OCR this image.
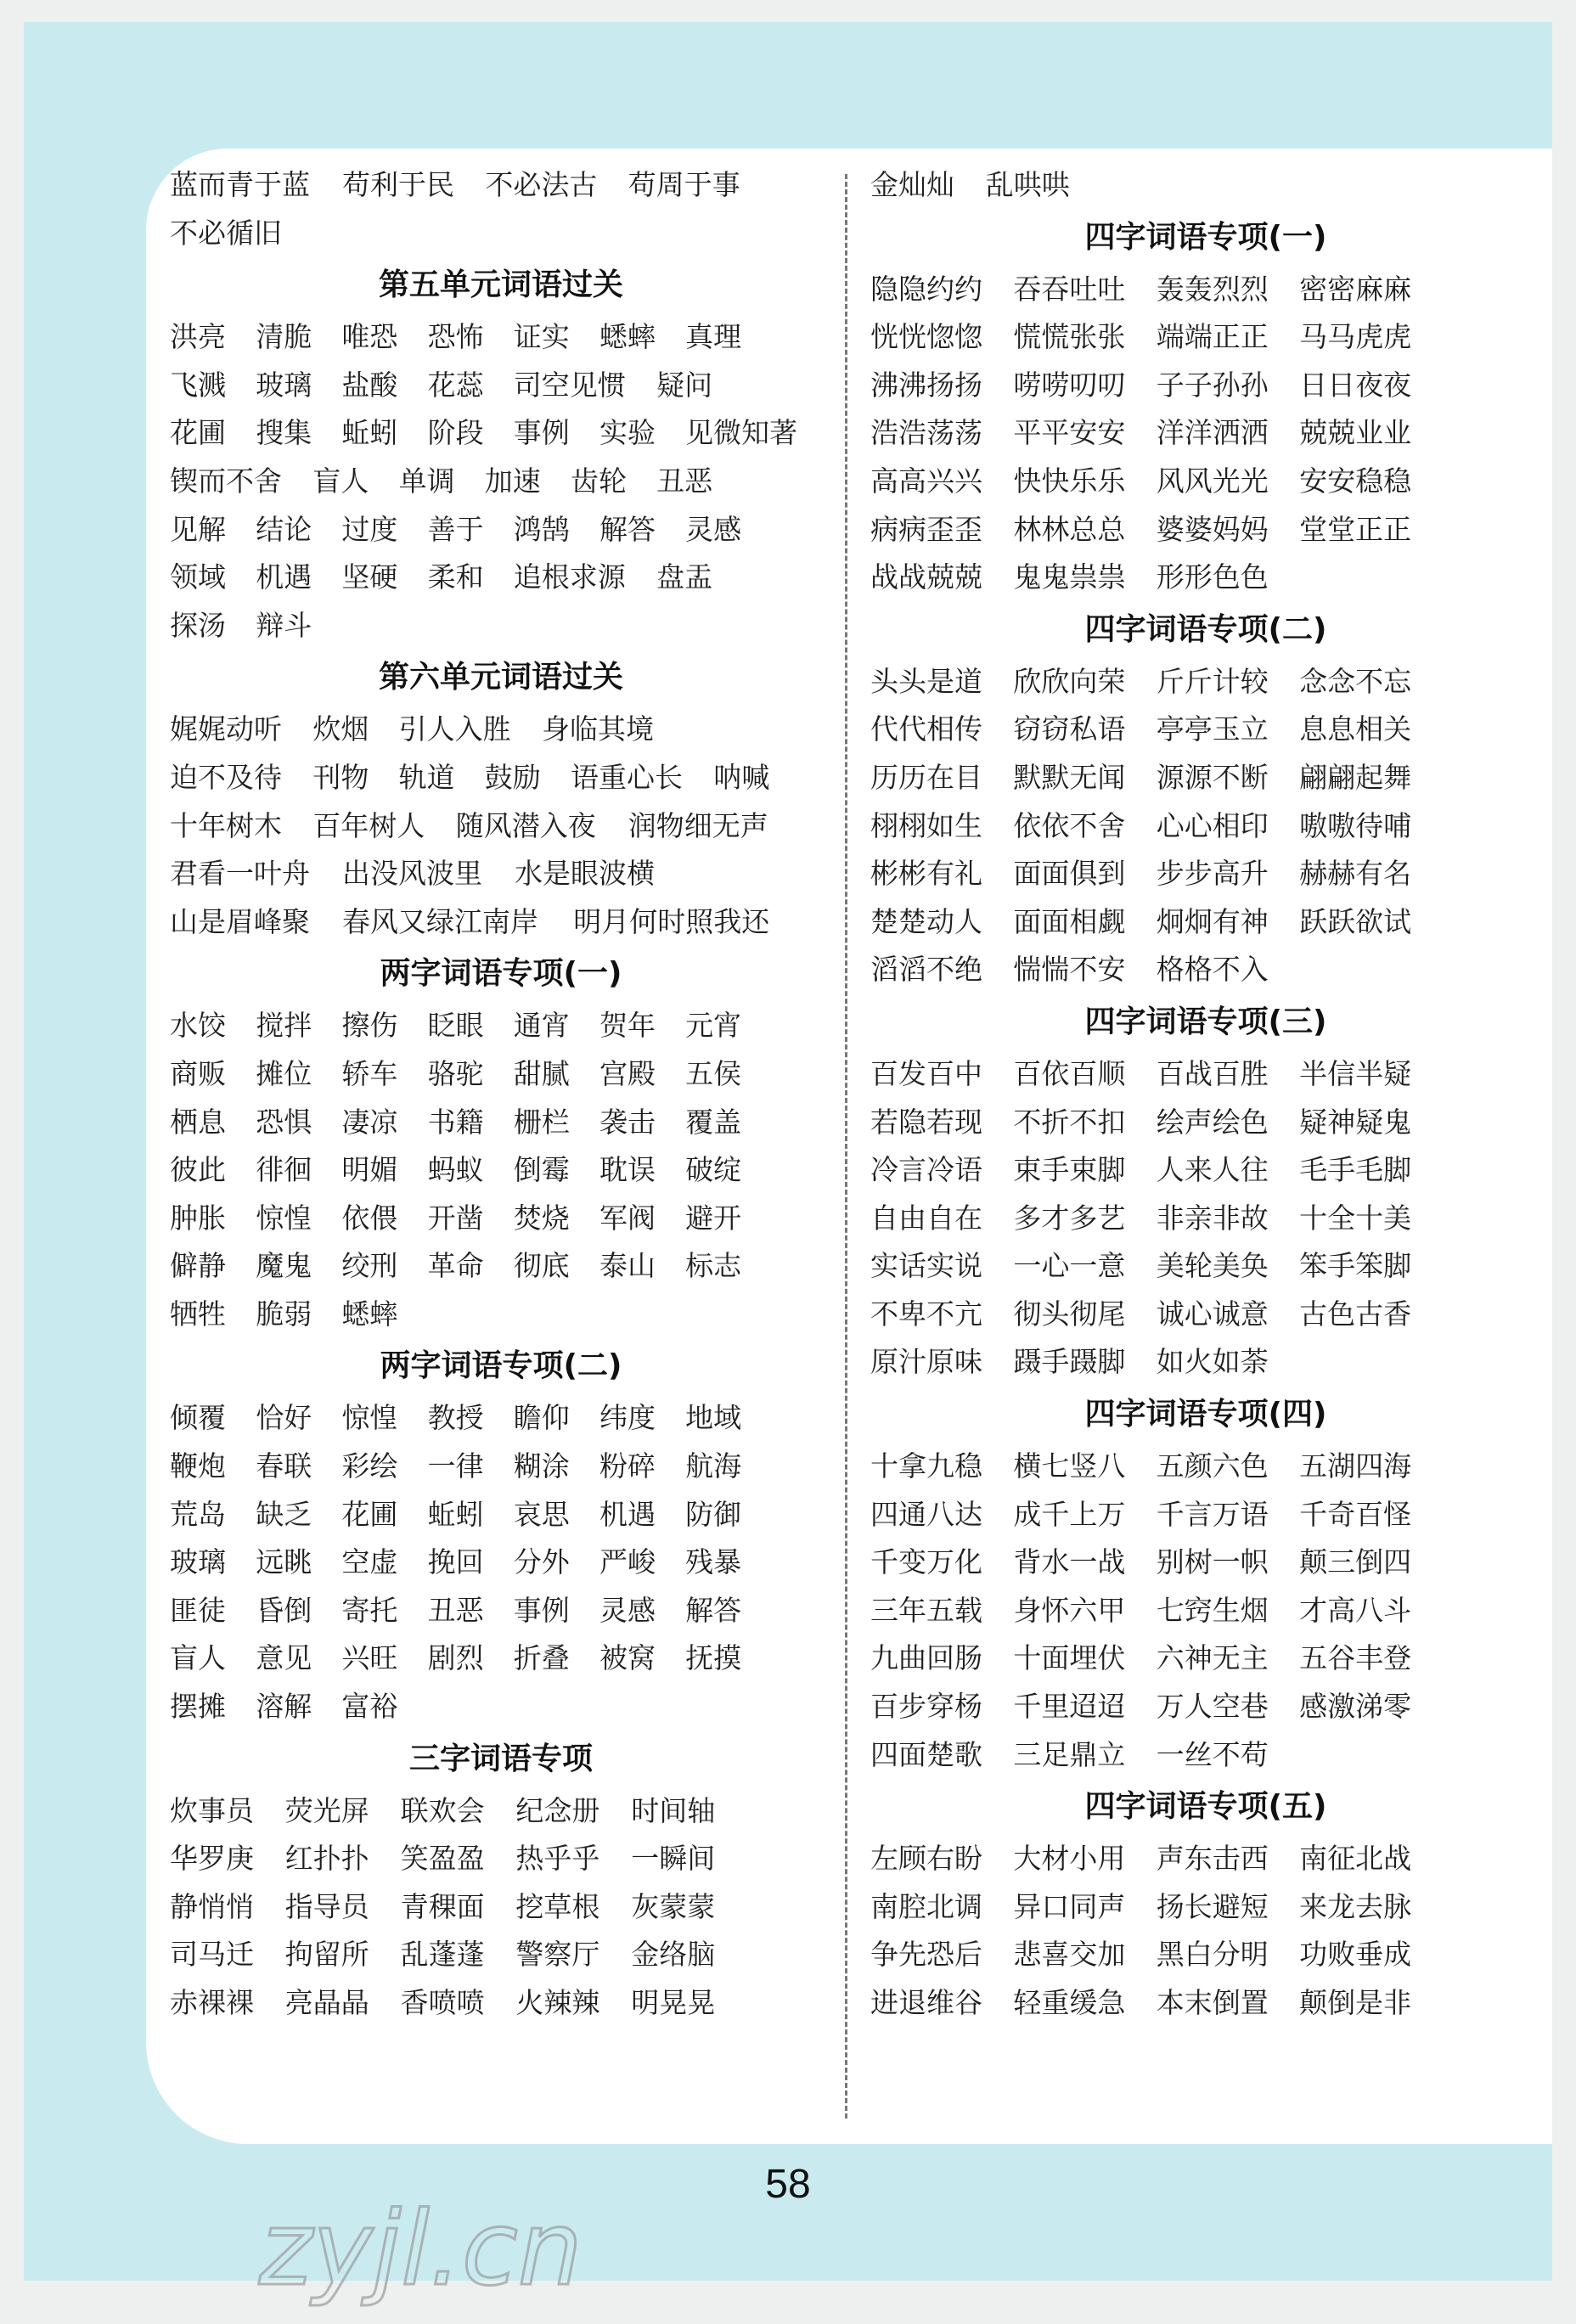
蓝而青于蓝	苟利于民	不必法古	苟周于事
不必循旧
第五单元词语过关
洪亮	清脆	唯恐	恐怖	证实	蟋蟀	真理
飞溅	玻璃	盐酸	花蕊	司空见惯	疑问
花圃	搜集	蚯蚓	阶段	事例	实验	见微知著
锲而不舍	盲人	单调	加速	齿轮	丑恶
见解	结论	过度	善于	鸿鹄	解答	灵感
领域	机遇	坚硬	柔和	追根求源	盘盂
探汤	辩斗
第六单元词语过关
娓娓动听	炊烟	引人入胜	身临其境
迫不及待	刊物	轨道	鼓励	语重心长	呐喊
十年树木	百年树人	随风潜入夜	润物细无声
君看一叶舟	出没风波里	水是眼波横
山是眉峰聚	春风又绿江南岸	明月何时照我还
两字词语专项(一)
水饺	搅拌	擦伤	眨眼	通宵	贺年	元宵
商贩	摊位	轿车	骆驼	甜腻	宫殿	五侯
栖息	恐惧	凄凉	书籍	栅栏	袭击	覆盖
彼此	徘徊	明媚	蚂蚁	倒霉	耽误	破绽
肿胀	惊惶	依偎	开凿	焚烧	军阀	避开
僻静	魔鬼	绞刑	革命	彻底	泰山	标志
牺牲	脆弱	蟋蟀
两字词语专项(二)
倾覆	恰好	惊惶	教授	瞻仰	纬度	地域
鞭炮	春联	彩绘	一律	糊涂	粉碎	航海
荒岛	缺乏	花圃	蚯蚓	哀思	机遇	防御
玻璃	远眺	空虚	挽回	分外	严峻	残暴
匪徒	昏倒	寄托	丑恶	事例	灵感	解答
盲人	意见	兴旺	剧烈	折叠	被窝	抚摸
摆摊	溶解	富裕
三字词语专项
炊事员	荧光屏	联欢会	纪念册	时间轴
华罗庚	红扑扑	笑盈盈	热乎乎	一瞬间
静悄悄	指导员	青稞面	挖草根	灰蒙蒙
司马迁	拘留所	乱蓬蓬	警察厅	金络脑
赤裸裸	亮晶晶	香喷喷	火辣辣	明晃晃
金灿灿	乱哄哄
四字词语专项(一)
隐隐约约	吞吞吐吐	轰轰烈烈	密密麻麻
恍恍惚惚	慌慌张张	端端正正	马马虎虎
沸沸扬扬	唠唠叨叨	子子孙孙	日日夜夜
浩浩荡荡	平平安安	洋洋洒洒	兢兢业业
高高兴兴	快快乐乐	风风光光	安安稳稳
病病歪歪	林林总总	婆婆妈妈	堂堂正正
战战兢兢	鬼鬼祟祟	形形色色
四字词语专项(二)
头头是道	欣欣向荣	斤斤计较	念念不忘
代代相传	窃窃私语	亭亭玉立	息息相关
历历在目	默默无闻	源源不断	翩翩起舞
栩栩如生	依依不舍	心心相印	嗷嗷待哺
彬彬有礼	面面俱到	步步高升	赫赫有名
楚楚动人	面面相觑	炯炯有神	跃跃欲试
滔滔不绝	惴惴不安	格格不入
四字词语专项(三)
百发百中	百依百顺	百战百胜	半信半疑
若隐若现	不折不扣	绘声绘色	疑神疑鬼
冷言冷语	束手束脚	人来人往	毛手毛脚
自由自在	多才多艺	非亲非故	十全十美
实话实说	一心一意	美轮美奂	笨手笨脚
不卑不亢	彻头彻尾	诚心诚意	古色古香
原汁原味	蹑手蹑脚	如火如荼
四字词语专项(四)
十拿九稳	横七竖八	五颜六色	五湖四海
四通八达	成千上万	千言万语	千奇百怪
千变万化	背水一战	别树一帜	颠三倒四
三年五载	身怀六甲	七窍生烟	才高八斗
九曲回肠	十面埋伏	六神无主	五谷丰登
百步穿杨	千里迢迢	万人空巷	感激涕零
四面楚歌	三足鼎立	一丝不苟
四字词语专项(五)
左顾右盼	大材小用	声东击西	南征北战
南腔北调	异口同声	扬长避短	来龙去脉
争先恐后	悲喜交加	黑白分明	功败垂成
进退维谷	轻重缓急	本末倒置	颠倒是非
58
zyjl.cn
